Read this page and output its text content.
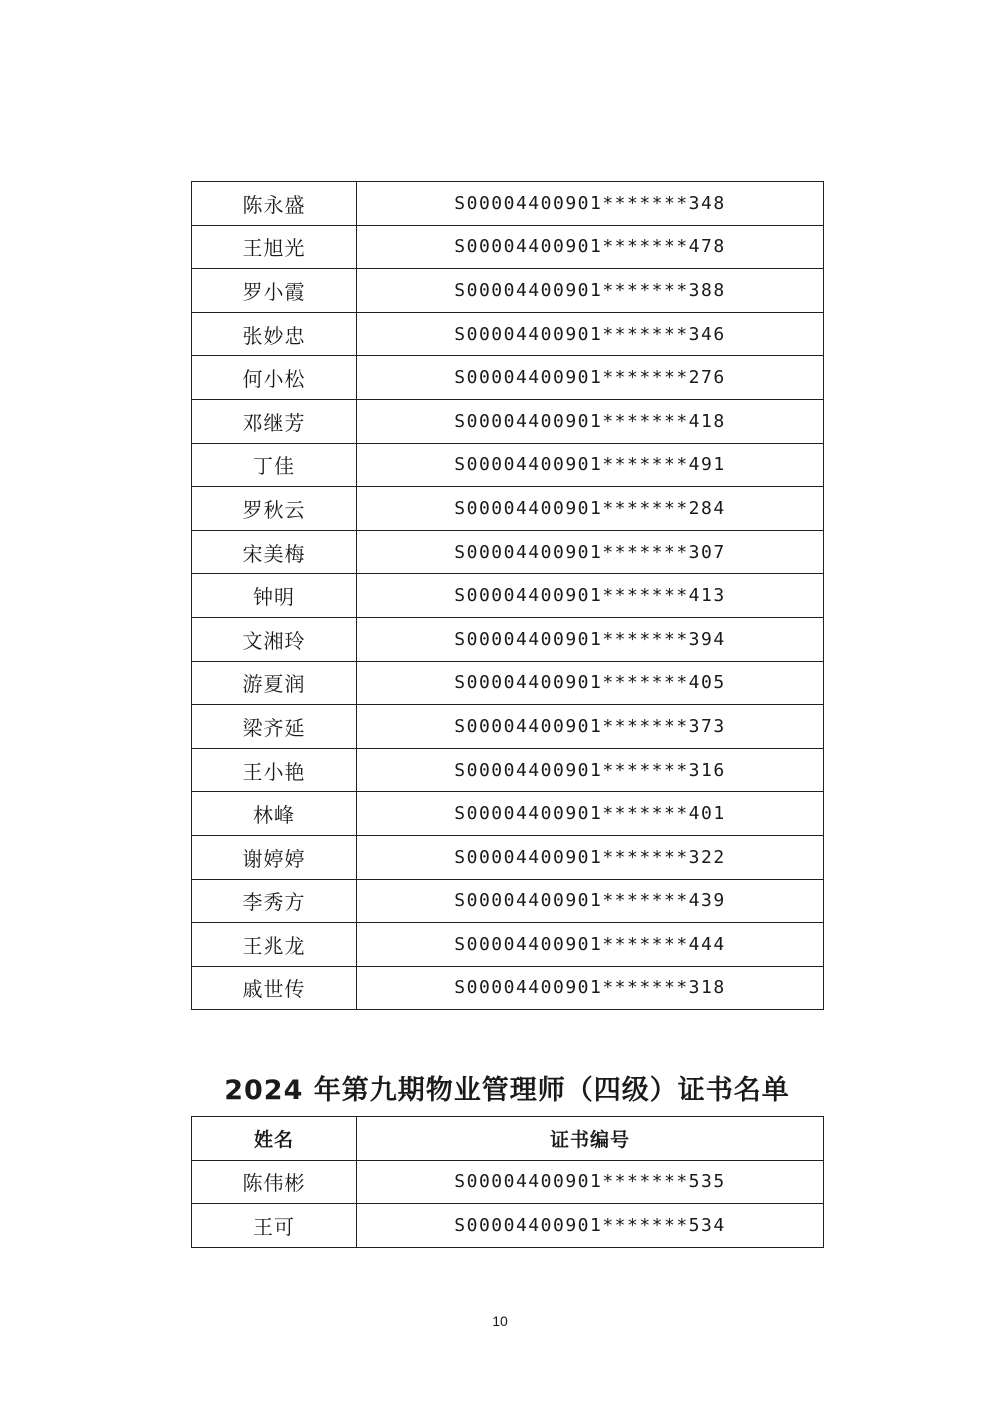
陈永盛	S00004400901*******348
王旭光	S00004400901*******478
罗小霞	S00004400901*******388
张妙忠	S00004400901*******346
何小松	S00004400901*******276
邓继芳	S00004400901*******418
丁佳	S00004400901*******491
罗秋云	S00004400901*******284
宋美梅	S00004400901*******307
钟明	S00004400901*******413
文湘玲	S00004400901*******394
游夏润	S00004400901*******405
梁齐延	S00004400901*******373
王小艳	S00004400901*******316
林峰	S00004400901*******401
谢婷婷	S00004400901*******322
李秀方	S00004400901*******439
王兆龙	S00004400901*******444
戚世传	S00004400901*******318
2024 年第九期物业管理师（四级）证书名单
姓名	证书编号
陈伟彬	S00004400901*******535
王可	S00004400901*******534
10
